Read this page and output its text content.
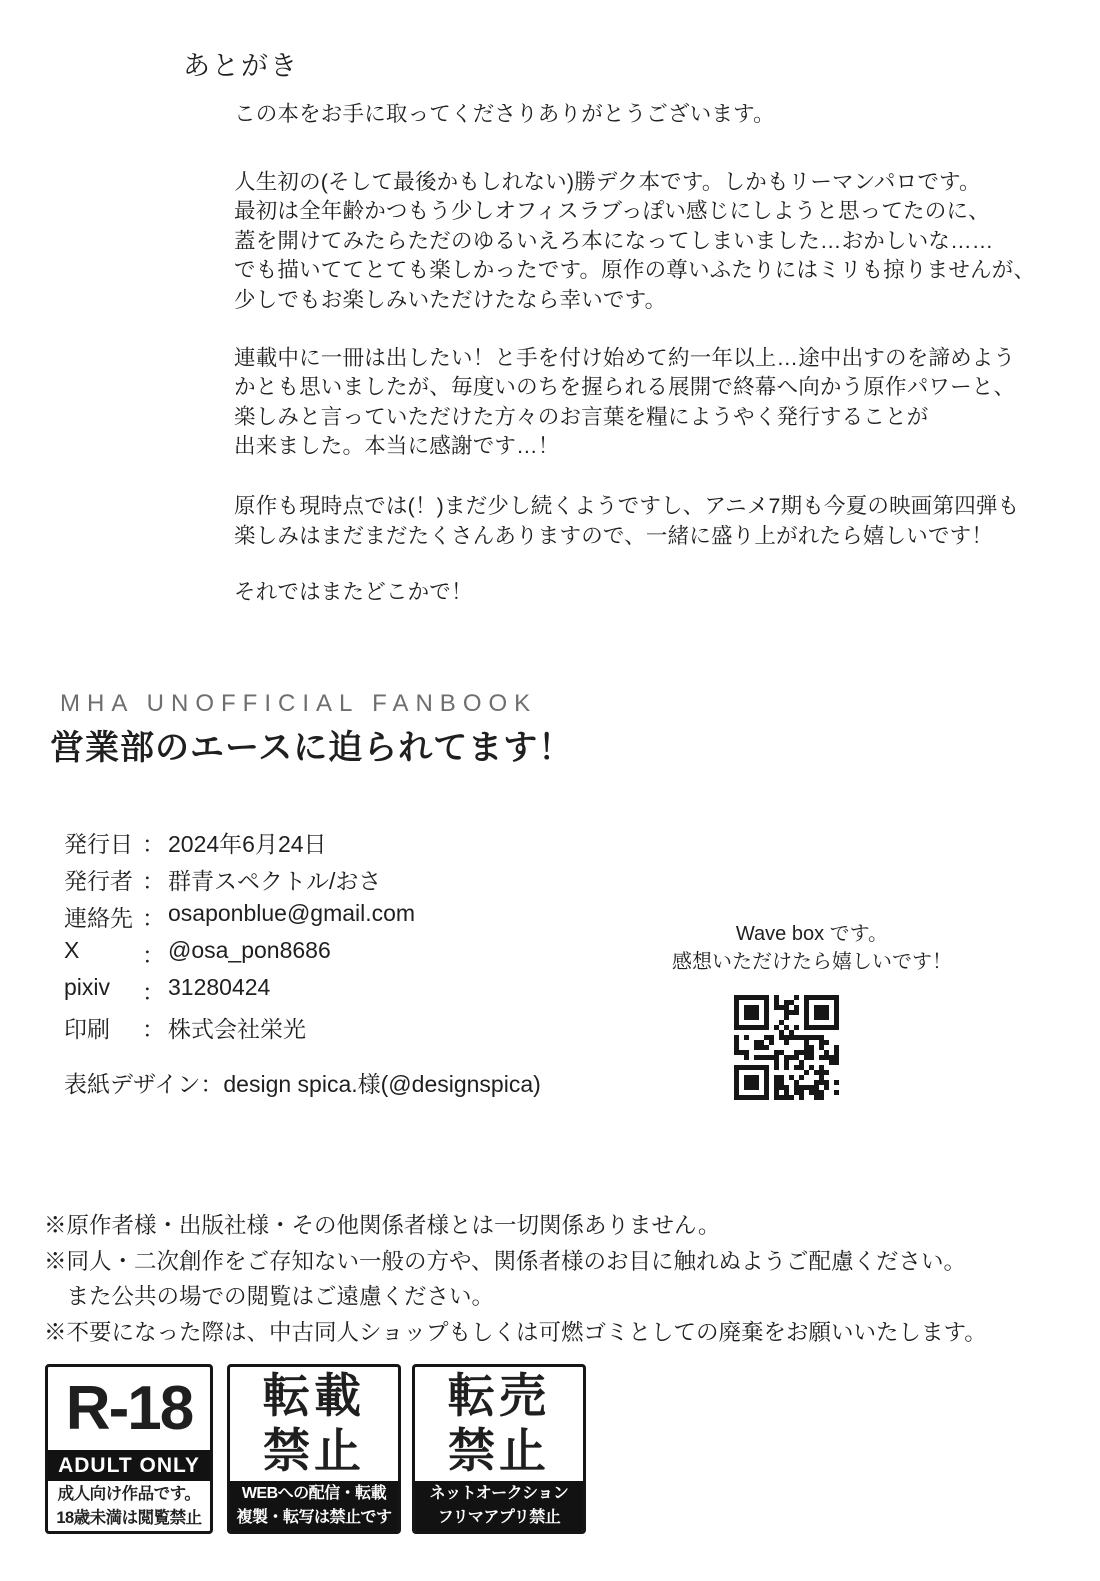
あとがき
この本をお手に取ってくださりありがとうございます。
人生初の(そして最後かもしれない)勝デク本です。しかもリーマンパロです。
最初は全年齢かつもう少しオフィスラブっぽい感じにしようと思ってたのに、
蓋を開けてみたらただのゆるいえろ本になってしまいました…おかしいな……
でも描いててとても楽しかったです。原作の尊いふたりにはミリも掠りませんが、
少しでもお楽しみいただけたなら幸いです。
連載中に一冊は出したい！と手を付け始めて約一年以上…途中出すのを諦めよう
かとも思いましたが、毎度いのちを握られる展開で終幕へ向かう原作パワーと、
楽しみと言っていただけた方々のお言葉を糧にようやく発行することが
出来ました。本当に感謝です…！
原作も現時点では(！)まだ少し続くようですし、アニメ7期も今夏の映画第四弾も
楽しみはまだまだたくさんありますので、一緒に盛り上がれたら嬉しいです！
それではまたどこかで！
MHA UNOFFICIAL FANBOOK
営業部のエースに迫られてます！
発行日 ： 2024年6月24日
発行者 ： 群青スペクトル/おさ
連絡先 ： osaponblue@gmail.com
X	： @osa_pon8686
pixiv	： 31280424
印刷	： 株式会社栄光
表紙デザイン：design spica.様(@designspica)
Wave box です。
感想いただけたら嬉しいです！
※原作者様・出版社様・その他関係者様とは一切関係ありません。
※同人・二次創作をご存知ない一般の方や、関係者様のお目に触れぬようご配慮ください。
　また公共の場での閲覧はご遠慮ください。
※不要になった際は、中古同人ショップもしくは可燃ゴミとしての廃棄をお願いいたします。
R-18
ADULT ONLY
成人向け作品です。
18歳未満は閲覧禁止
転載
禁止
WEBへの配信・転載
複製・転写は禁止です
転売
禁止
ネットオークション
フリマアプリ禁止
